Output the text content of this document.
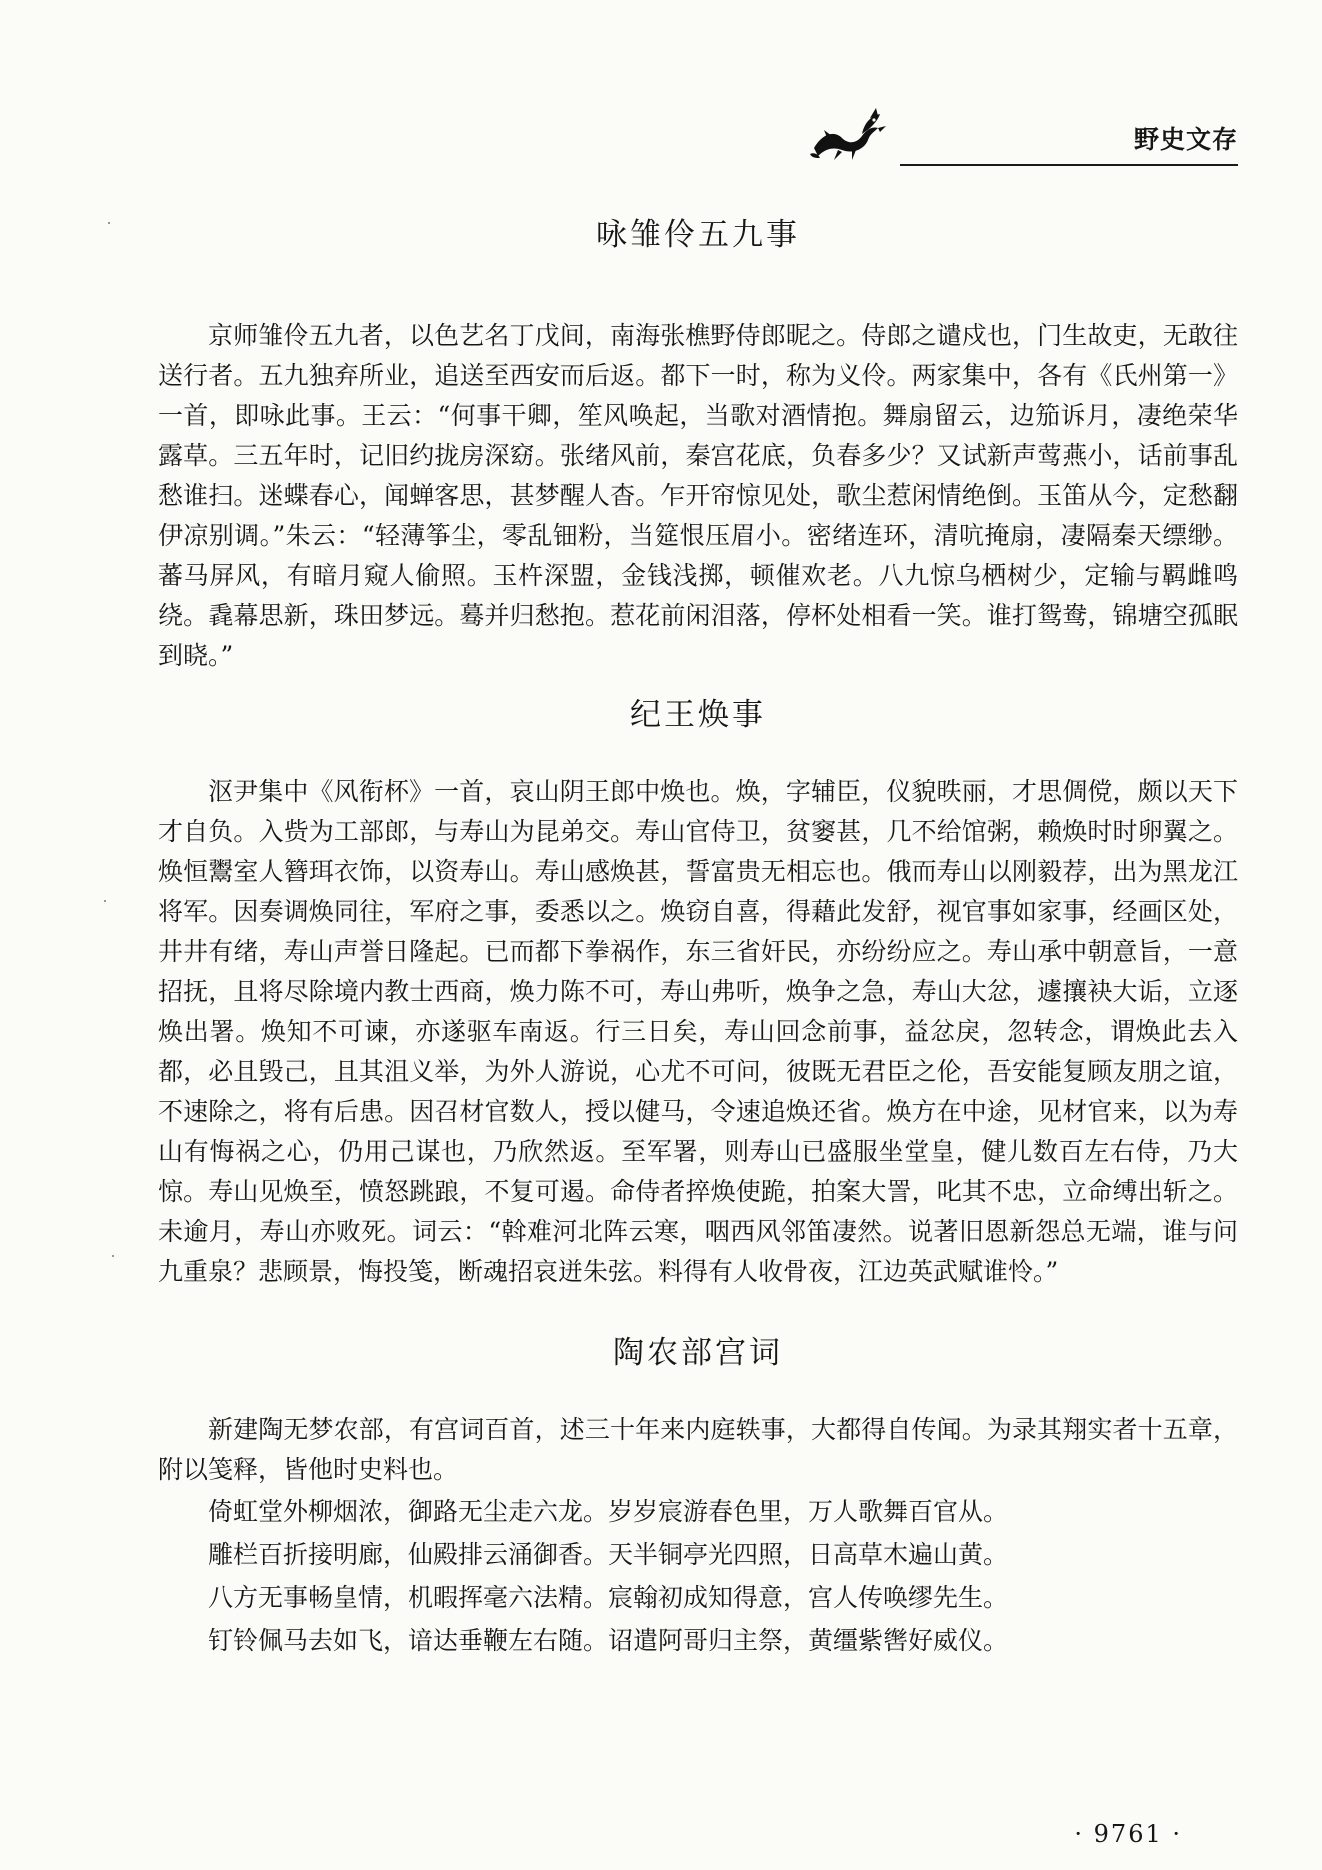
野史文存
咏雏伶五九事

京师雏伶五九者，以色艺名丁戊间，南海张樵野侍郎昵之。侍郎之谴戍也，门生故吏，无敢往送行者。五九独弃所业，追送至西安而后返。都下一时，称为义伶。两家集中，各有《氏州第一》一首，即咏此事。王云：“何事干卿，笙风唤起，当歌对酒情抱。舞扇留云，边笳诉月，凄绝荣华露草。三五年时，记旧约拢房深窈。张绪风前，秦宫花底，负春多少？又试新声莺燕小，话前事乱愁谁扫。迷蝶春心，闻蝉客思，甚梦醒人杳。乍开帘惊见处，歌尘惹闲情绝倒。玉笛从今，定愁翻伊凉别调。”朱云：“轻薄筝尘，零乱钿粉，当筵恨压眉小。密绪连环，清吭掩扇，凄隔秦天缥缈。蕃马屏风，有暗月窥人偷照。玉杵深盟，金钱浅掷，顿催欢老。八九惊乌栖树少，定输与羁雌鸣绕。毳幕思新，珠田梦远。蓦并归愁抱。惹花前闲泪落，停杯处相看一笑。谁打鸳鸯，锦塘空孤眠到晓。”

纪王焕事

沤尹集中《风衔杯》一首，哀山阴王郎中焕也。焕，字辅臣，仪貌昳丽，才思倜傥，颇以天下才自负。入赀为工部郎，与寿山为昆弟交。寿山官侍卫，贫窭甚，几不给馆粥，赖焕时时卵翼之。焕恒鬻室人簪珥衣饰，以资寿山。寿山感焕甚，誓富贵无相忘也。俄而寿山以刚毅荐，出为黑龙江将军。因奏调焕同往，军府之事，委悉以之。焕窃自喜，得藉此发舒，视官事如家事，经画区处，井井有绪，寿山声誉日隆起。已而都下拳祸作，东三省奸民，亦纷纷应之。寿山承中朝意旨，一意招抚，且将尽除境内教士西商，焕力陈不可，寿山弗听，焕争之急，寿山大忿，遽攘袂大诟，立逐焕出署。焕知不可谏，亦遂驱车南返。行三日矣，寿山回念前事，益忿戾，忽转念，谓焕此去入都，必且毁己，且其沮义举，为外人游说，心尤不可问，彼既无君臣之伦，吾安能复顾友朋之谊，不速除之，将有后患。因召材官数人，授以健马，令速追焕还省。焕方在中途，见材官来，以为寿山有悔祸之心，仍用己谋也，乃欣然返。至军署，则寿山已盛服坐堂皇，健儿数百左右侍，乃大惊。寿山见焕至，愤怒跳踉，不复可遏。命侍者捽焕使跪，拍案大詈，叱其不忠，立命缚出斩之。未逾月，寿山亦败死。词云：“斡难河北阵云寒，咽西风邻笛凄然。说著旧恩新怨总无端，谁与问九重泉？悲顾景，悔投笺，断魂招哀迸朱弦。料得有人收骨夜，江边英武赋谁怜。”

陶农部宫词

新建陶无梦农部，有宫词百首，述三十年来内庭轶事，大都得自传闻。为录其翔实者十五章，附以笺释，皆他时史料也。

倚虹堂外柳烟浓，御路无尘走六龙。岁岁宸游春色里，万人歌舞百官从。
雕栏百折接明廊，仙殿排云涌御香。天半铜亭光四照，日高草木遍山黄。
八方无事畅皇情，机暇挥毫六法精。宸翰初成知得意，宫人传唤缪先生。
钉铃佩马去如飞，谙达垂鞭左右随。诏遣阿哥归主祭，黄缰紫辔好威仪。
· 9761 ·
